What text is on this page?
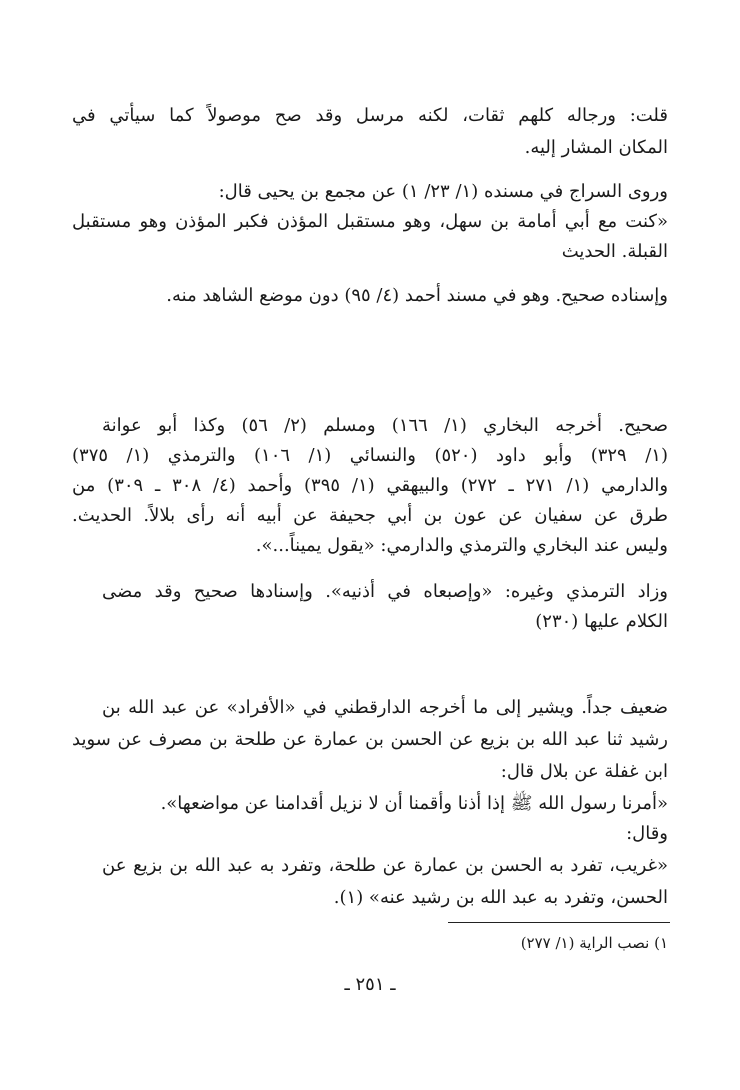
قلت: ورجاله كلهم ثقات، لكنه مرسل وقد صح موصولاً كما سيأتي في
المكان المشار إليه.
وروى السراج في مسنده (١/ ٢٣/ ١) عن مجمع بن يحيى قال:
«كنت مع أبي أمامة بن سهل، وهو مستقبل المؤذن فكبر المؤذن وهو مستقبل
القبلة. الحديث
وإسناده صحيح. وهو في مسند أحمد (٤/ ٩٥) دون موضع الشاهد منه.
صحيح. أخرجه البخاري (١/ ١٦٦) ومسلم (٢/ ٥٦) وكذا أبو عوانة
(١/ ٣٢٩) وأبو داود (٥٢٠) والنسائي (١/ ١٠٦) والترمذي (١/ ٣٧٥)
والدارمي (١/ ٢٧١ ـ ٢٧٢) والبيهقي (١/ ٣٩٥) وأحمد (٤/ ٣٠٨ ـ ٣٠٩) من
طرق عن سفيان عن عون بن أبي جحيفة عن أبيه أنه رأى بلالاً. الحديث.
وليس عند البخاري والترمذي والدارمي: «يقول يميناً...».
وزاد الترمذي وغيره: «وإصبعاه في أذنيه». وإسنادها صحيح وقد مضى
الكلام عليها (٢٣٠)
ضعيف جداً. ويشير إلى ما أخرجه الدارقطني في «الأفراد» عن عبد الله بن
رشيد ثنا عبد الله بن بزيع عن الحسن بن عمارة عن طلحة بن مصرف عن سويد
ابن غفلة عن بلال قال:
«أمرنا رسول الله ﷺ إذا أذنا وأقمنا أن لا نزيل أقدامنا عن مواضعها».
وقال:
«غريب، تفرد به الحسن بن عمارة عن طلحة، وتفرد به عبد الله بن بزيع عن
الحسن، وتفرد به عبد الله بن رشيد عنه» (١).
١) نصب الراية (١/ ٢٧٧)
ـ ٢٥١ ـ
